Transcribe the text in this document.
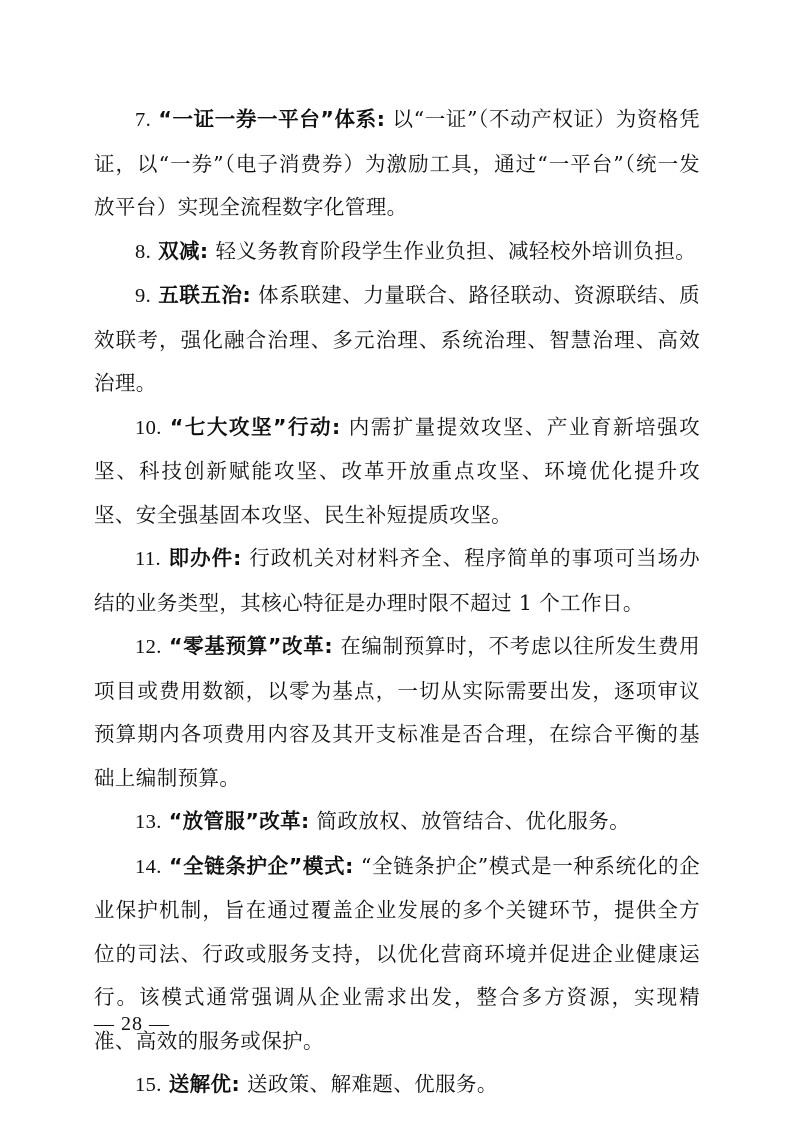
7. “一证一券一平台”体系: 以“一证”（不动产权证）为资格凭证，以“一券”（电子消费券）为激励工具，通过“一平台”（统一发放平台）实现全流程数字化管理。

8. 双减: 轻义务教育阶段学生作业负担、减轻校外培训负担。

9. 五联五治: 体系联建、力量联合、路径联动、资源联结、质效联考，强化融合治理、多元治理、系统治理、智慧治理、高效治理。

10. “七大攻坚”行动: 内需扩量提效攻坚、产业育新培强攻坚、科技创新赋能攻坚、改革开放重点攻坚、环境优化提升攻坚、安全强基固本攻坚、民生补短提质攻坚。

11. 即办件: 行政机关对材料齐全、程序简单的事项可当场办结的业务类型，其核心特征是办理时限不超过 1 个工作日。

12. “零基预算”改革: 在编制预算时，不考虑以往所发生费用项目或费用数额，以零为基点，一切从实际需要出发，逐项审议预算期内各项费用内容及其开支标准是否合理，在综合平衡的基础上编制预算。

13. “放管服”改革: 简政放权、放管结合、优化服务。

14. “全链条护企”模式: “全链条护企”模式是一种系统化的企业保护机制，旨在通过覆盖企业发展的多个关键环节，提供全方位的司法、行政或服务支持，以优化营商环境并促进企业健康运行。该模式通常强调从企业需求出发，整合多方资源，实现精准、高效的服务或保护。

15. 送解优: 送政策、解难题、优服务。

— 28 —
